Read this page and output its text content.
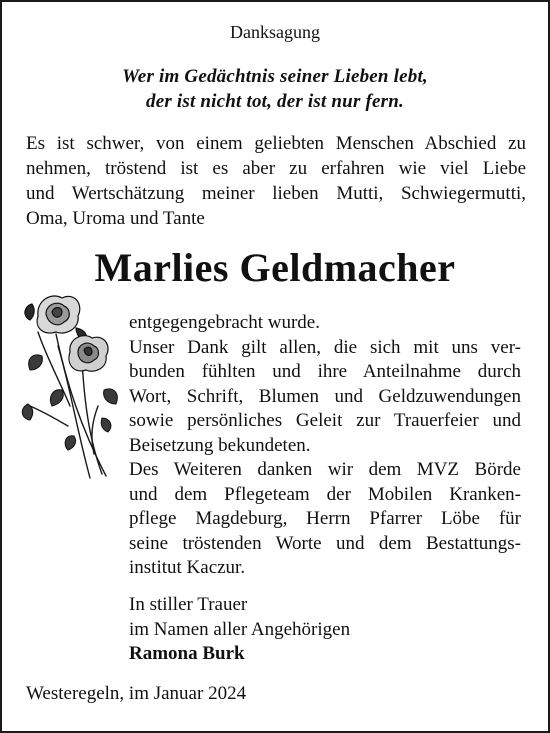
Danksagung
Wer im Gedächtnis seiner Lieben lebt,
der ist nicht tot, der ist nur fern.
Es ist schwer, von einem geliebten Menschen Abschied zu
nehmen, tröstend ist es aber zu erfahren wie viel Liebe
und Wertschätzung meiner lieben Mutti, Schwiegermutti,
Oma, Uroma und Tante
Marlies Geldmacher
entgegengebracht wurde.
Unser Dank gilt allen, die sich mit uns ver-
bunden fühlten und ihre Anteilnahme durch
Wort, Schrift, Blumen und Geldzuwendungen
sowie persönliches Geleit zur Trauerfeier und
Beisetzung bekundeten.
Des Weiteren danken wir dem MVZ Börde
und dem Pflegeteam der Mobilen Kranken-
pflege Magdeburg, Herrn Pfarrer Löbe für
seine tröstenden Worte und dem Bestattungs-
institut Kaczur.
In stiller Trauer
im Namen aller Angehörigen
Ramona Burk
Westeregeln, im Januar 2024
